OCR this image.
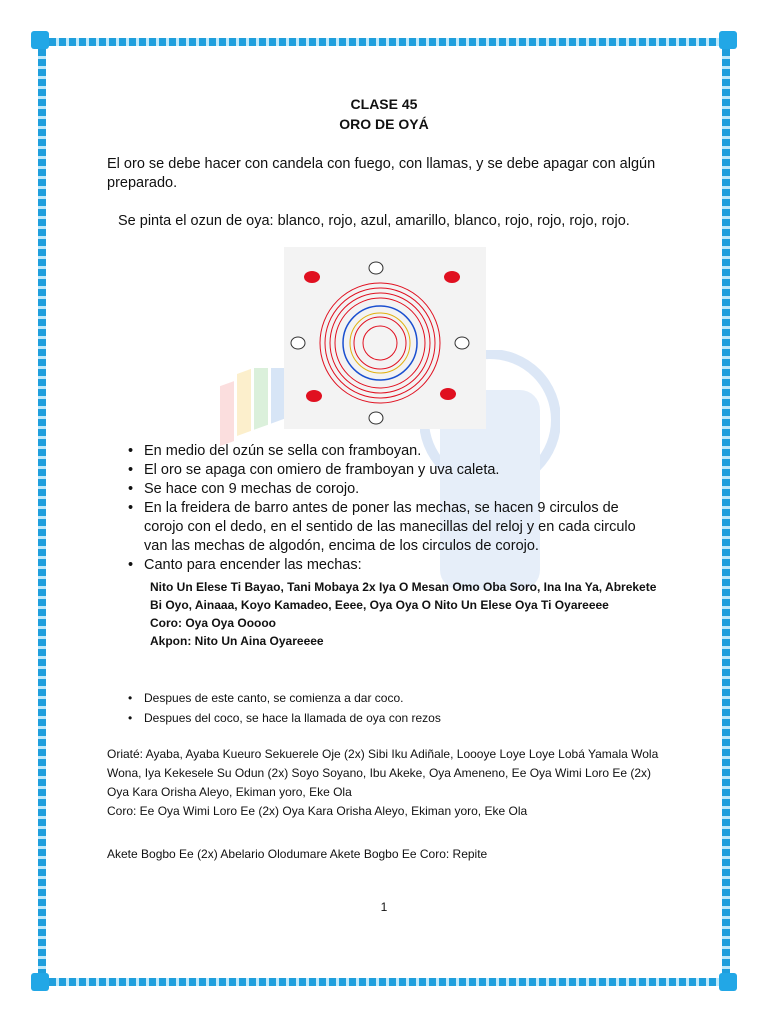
CLASE 45
ORO DE OYÁ
El oro se debe hacer con candela con fuego, con llamas, y se debe apagar con algún preparado.
Se pinta el ozun de oya: blanco, rojo, azul, amarillo, blanco, rojo, rojo, rojo, rojo.
• En medio del ozún se sella con framboyan.
• El oro se apaga con omiero de framboyan y uva caleta.
• Se hace con 9 mechas de corojo.
• En la freidera de barro antes de poner las mechas, se hacen 9 circulos de corojo con el dedo, en el sentido de las manecillas del reloj y en cada circulo van las mechas de algodón, encima de los circulos de corojo.
• Canto para encender las mechas:
Nito Un Elese Ti Bayao, Tani Mobaya 2x Iya O Mesan Omo Oba Soro, Ina Ina Ya, Abrekete Bi Oyo, Ainaaa, Koyo Kamadeo, Eeee, Oya Oya O Nito Un Elese Oya Ti Oyareeee
Coro: Oya Oya Ooooo
Akpon: Nito Un Aina Oyareeee
• Despues de este canto, se comienza a dar coco.
• Despues del coco, se hace la llamada de oya con rezos
Oriaté: Ayaba, Ayaba Kueuro Sekuerele Oje (2x) Sibi Iku Adiñale, Loooye Loye Loye Lobá Yamala Wola Wona, Iya Kekesele Su Odun (2x) Soyo Soyano, Ibu Akeke, Oya Ameneno, Ee Oya Wimi Loro Ee (2x) Oya Kara Orisha Aleyo, Ekiman yoro, Eke Ola
Coro: Ee Oya Wimi Loro Ee (2x) Oya Kara Orisha Aleyo, Ekiman yoro, Eke Ola
Akete Bogbo Ee (2x) Abelario Olodumare Akete Bogbo Ee Coro: Repite
1
